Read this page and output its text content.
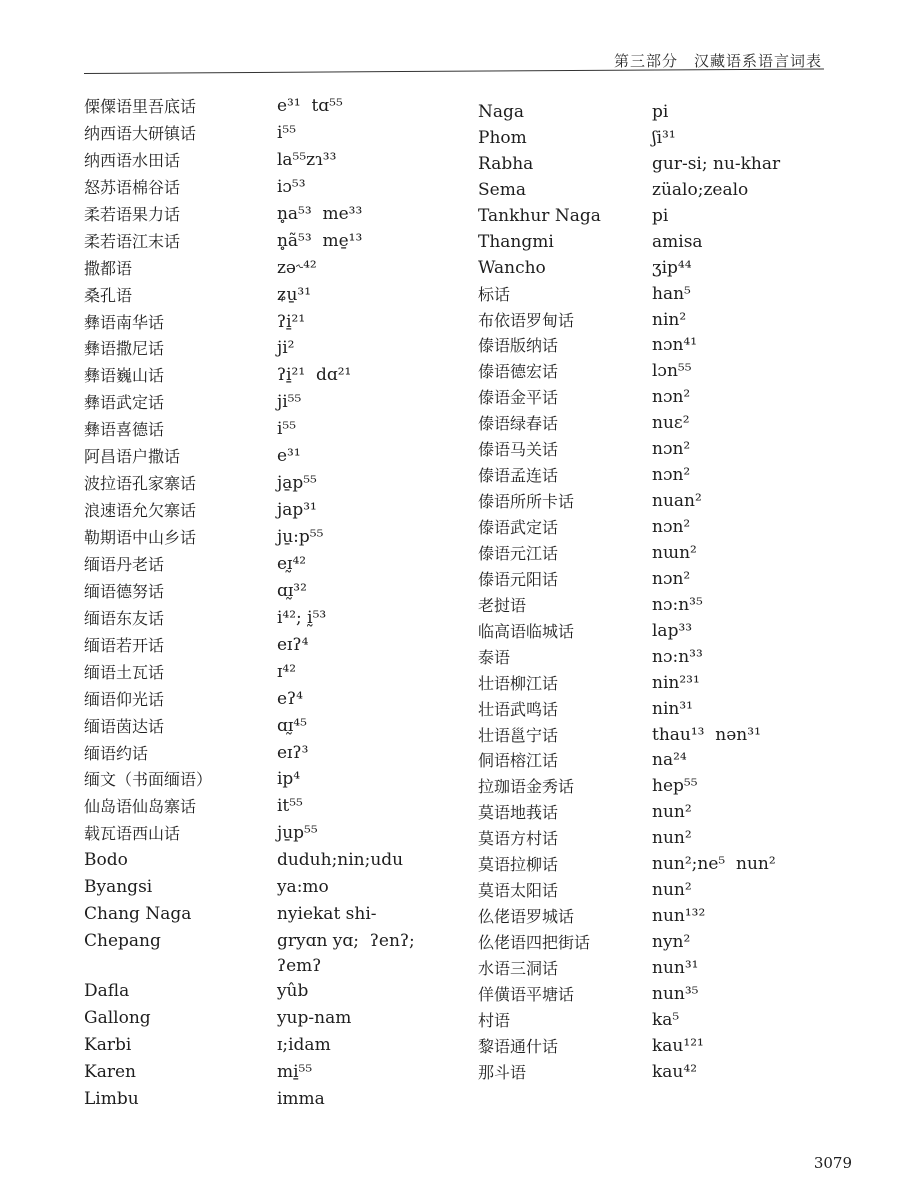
第三部分　汉藏语系语言词表
傈僳语里吾底话	e³¹  tɑ⁵⁵
纳西语大研镇话	i⁵⁵
纳西语水田话	la⁵⁵zɿ³³
怒苏语棉谷话	iɔ⁵³
柔若语果力话	n̥a⁵³  me³³
柔若语江末话	n̥ã⁵³  me̱¹³
撒都语	zə˞⁴²
桑孔语	ʑu̱³¹
彝语南华话	ʔi̱²¹
彝语撒尼话	ji²
彝语巍山话	ʔi̱²¹  dɑ²¹
彝语武定话	ji⁵⁵
彝语喜德话	i⁵⁵
阿昌语户撒话	e³¹
波拉语孔家寨话	ja̱p⁵⁵
浪速语允欠寨话	jap³¹
勒期语中山乡话	ju̱:p⁵⁵
缅语丹老话	eɪ̰⁴²
缅语德努话	ɑɪ̰³²
缅语东友话	i⁴²; ḭ⁵³
缅语若开话	eɪʔ⁴
缅语土瓦话	ɪ⁴²
缅语仰光话	eʔ⁴
缅语茵达话	ɑɪ̰⁴⁵
缅语约话	eɪʔ³
缅文（书面缅语）	ip⁴
仙岛语仙岛寨话	it⁵⁵
载瓦语西山话	ju̱p⁵⁵
Bodo	duduh;nin;udu
Byangsi	ya:mo
Chang Naga	nyiekat shi-
Chepang	gryɑn yɑ;  ʔenʔ;
ʔemʔ
Dafla	yûb
Gallong	yup-nam
Karbi	ɪ;idam
Karen	mi̱⁵⁵
Limbu	imma
Naga	pi
Phom	ʃi³¹
Rabha	gur-si; nu-khar
Sema	züalo;zealo
Tankhur Naga	pi
Thangmi	amisa
Wancho	ʒip⁴⁴
标话	han⁵
布依语罗甸话	nin²
傣语版纳话	nɔn⁴¹
傣语德宏话	lɔn⁵⁵
傣语金平话	nɔn²
傣语绿春话	nuɛ²
傣语马关话	nɔn²
傣语孟连话	nɔn²
傣语所所卡话	nuan²
傣语武定话	nɔn²
傣语元江话	nɯn²
傣语元阳话	nɔn²
老挝语	nɔ:n³⁵
临高语临城话	lap³³
泰语	nɔ:n³³
壮语柳江话	nin²³¹
壮语武鸣话	nin³¹
壮语邕宁话	thau¹³  nən³¹
侗语榕江话	na²⁴
拉珈语金秀话	hep⁵⁵
莫语地莪话	nun²
莫语方村话	nun²
莫语拉柳话	nun²;ne⁵  nun²
莫语太阳话	nun²
仫佬语罗城话	nun¹³²
仫佬语四把街话	nyn²
水语三洞话	nun³¹
佯僙语平塘话	nun³⁵
村语	ka⁵
黎语通什话	kau¹²¹
那斗语	kau⁴²
3079
